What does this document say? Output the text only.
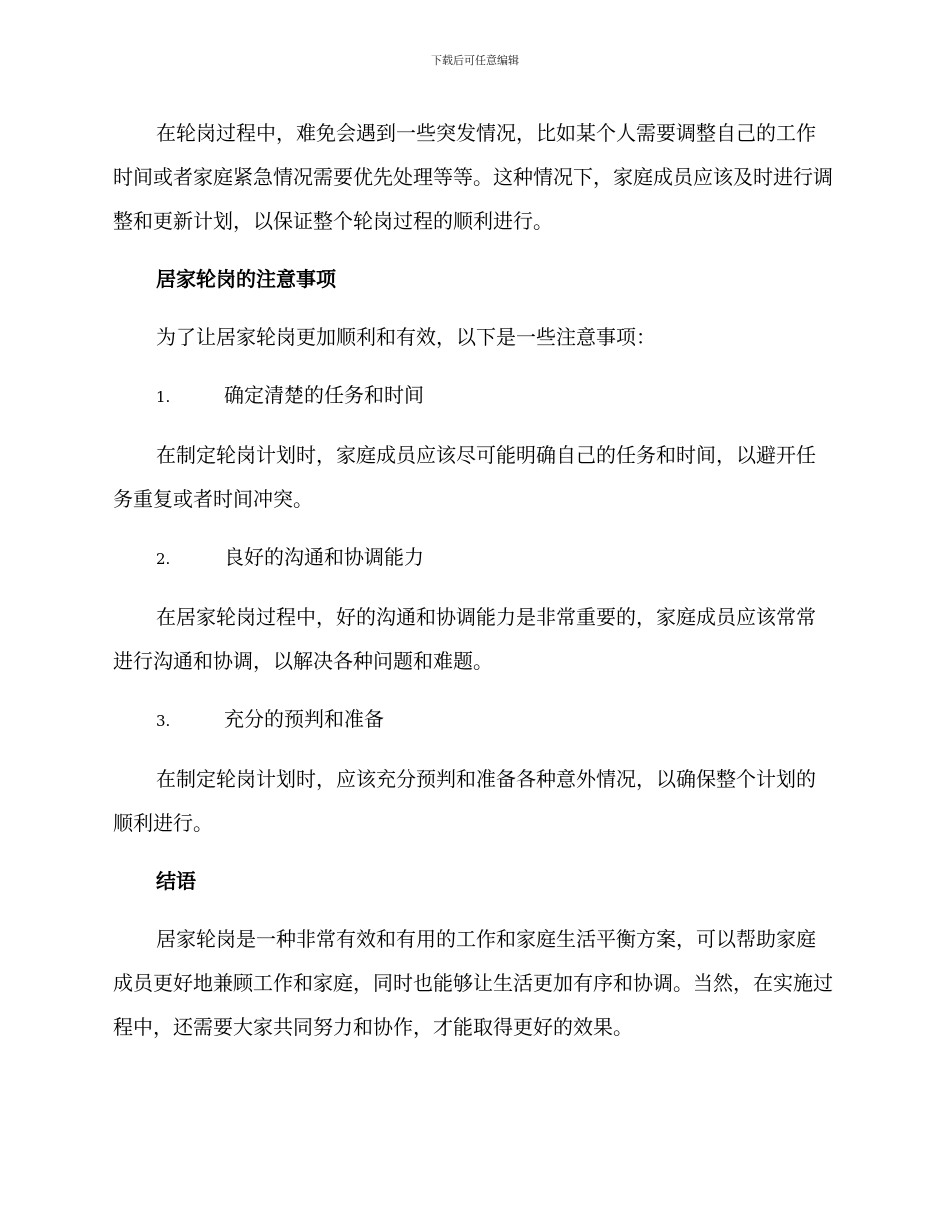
下载后可任意编辑

在轮岗过程中，难免会遇到一些突发情况，比如某个人需要调整自己的工作时间或者家庭紧急情况需要优先处理等等。这种情况下，家庭成员应该及时进行调整和更新计划，以保证整个轮岗过程的顺利进行。

居家轮岗的注意事项

为了让居家轮岗更加顺利和有效，以下是一些注意事项：

1.	确定清楚的任务和时间

在制定轮岗计划时，家庭成员应该尽可能明确自己的任务和时间，以避开任务重复或者时间冲突。

2.	良好的沟通和协调能力

在居家轮岗过程中，好的沟通和协调能力是非常重要的，家庭成员应该常常进行沟通和协调，以解决各种问题和难题。

3.	充分的预判和准备

在制定轮岗计划时，应该充分预判和准备各种意外情况，以确保整个计划的顺利进行。

结语

居家轮岗是一种非常有效和有用的工作和家庭生活平衡方案，可以帮助家庭成员更好地兼顾工作和家庭，同时也能够让生活更加有序和协调。当然，在实施过程中，还需要大家共同努力和协作，才能取得更好的效果。
